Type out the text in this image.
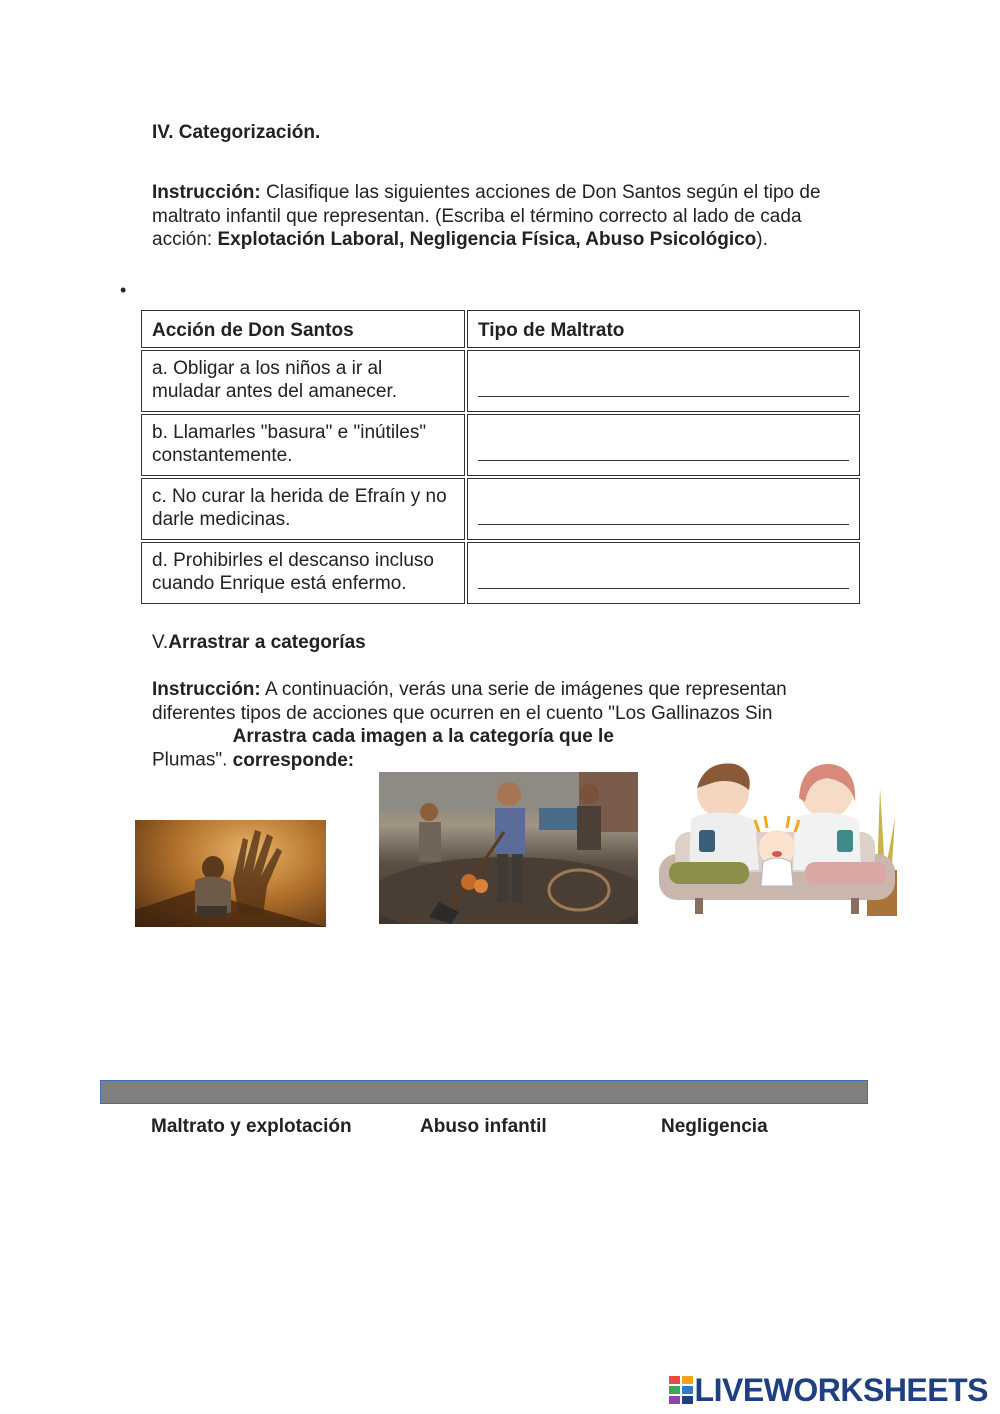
IV. Categorización.
Instrucción: Clasifique las siguientes acciones de Don Santos según el tipo de maltrato infantil que representan. (Escriba el término correcto al lado de cada acción: Explotación Laboral, Negligencia Física, Abuso Psicológico).
•
Acción de Don Santos	Tipo de Maltrato
a. Obligar a los niños a ir al muladar antes del amanecer.
b. Llamarles "basura" e "inútiles" constantemente.
c. No curar la herida de Efraín y no darle medicinas.
d. Prohibirles el descanso incluso cuando Enrique está enfermo.
V.Arrastrar a categorías
Instrucción: A continuación, verás una serie de imágenes que representan diferentes tipos de acciones que ocurren en el cuento "Los Gallinazos Sin Plumas". Arrastra cada imagen a la categoría que le corresponde:
Maltrato y explotación	Abuso infantil	Negligencia
LIVEWORKSHEETS
